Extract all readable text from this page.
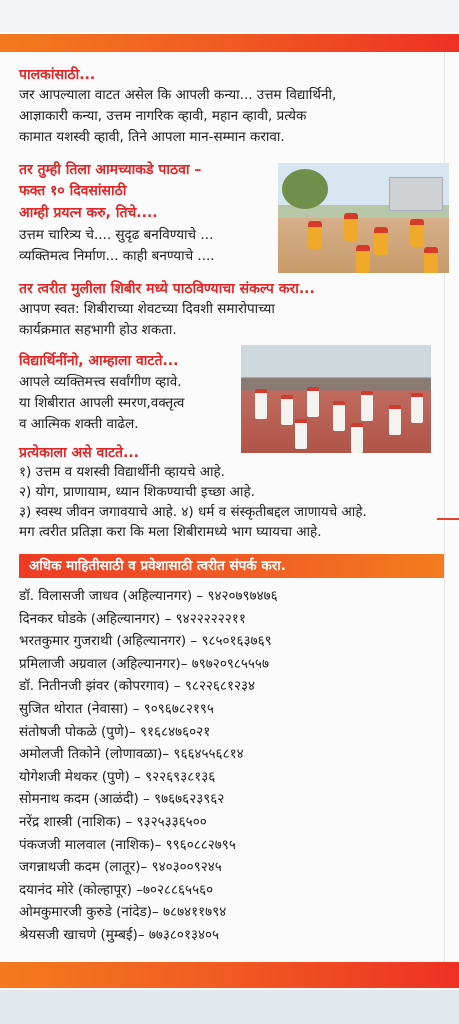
पालकांसाठी...
जर आपल्याला वाटत असेल कि आपली कन्या... उत्तम विद्यार्थिनी,
आज्ञाकारी कन्या, उत्तम नागरिक व्हावी, महान व्हावी, प्रत्येक
कामात यशस्वी व्हावी, तिने आपला मान-सम्मान करावा.
तर तुम्ही तिला आमच्याकडे पाठवा –
फक्त १० दिवसांसाठी
आम्ही प्रयत्न करु, तिचे....
उत्तम चारित्र्य चे.... सुदृढ बनविण्याचे ...
व्यक्तिमत्व निर्माण... काही बनण्याचे ....
तर त्वरीत मुलीला शिबीर मध्ये पाठविण्याचा संकल्प करा...
आपण स्वत: शिबीराच्या शेवटच्या दिवशी समारोपाच्या
कार्यक्रमात सहभागी होउ शकता.
विद्यार्थिनींनो, आम्हाला वाटते...
आपले व्यक्तिमत्त्व सर्वांगीण व्हावे.
या शिबीरात आपली स्मरण,वक्तृत्व
व आत्मिक शक्ती वाढेल.
प्रत्येकाला असे वाटते...
१) उत्तम व यशस्वी विद्यार्थीनी व्हायचे आहे.
२) योग, प्राणायाम, ध्यान शिकण्याची इच्छा आहे.
३) स्वस्थ जीवन जगावयाचे आहे. ४) धर्म व संस्कृतीबद्दल जाणायचे आहे.
मग त्वरीत प्रतिज्ञा करा कि मला शिबीरामध्ये भाग घ्यायचा आहे.
अधिक माहितीसाठी व प्रवेशासाठी त्वरीत संपर्क करा.
डॉ. विलासजी जाधव (अहिल्यानगर) – ९४२०७९७४७६
दिनकर घोडके (अहिल्यानगर) – ९४२२२२२२११
भरतकुमार गुजराथी (अहिल्यानगर) – ९८५०१६३७६९
प्रमिलाजी अग्रवाल (अहिल्यानगर)– ७९७२०९८५५५७
डॉ. नितीनजी झंवर (कोपरगाव) – ९८२२६८१२३४
सुजित थोरात (नेवासा) – ९०९६७८२१९५
संतोषजी पोकळे (पुणे)– ९१६८४७६०२१
अमोलजी तिकोने (लोणावळा)– ९६६४५५६८१४
योगेशजी मेथकर (पुणे) – ९२२६९३८१३६
सोमनाथ कदम (आळंदी) – ९७६७६२३९६२
नरेंद्र शास्त्री (नाशिक) – ९३२५३३६५००
पंकजजी मालवाल (नाशिक)– ९९६०८८२७९५
जगन्नाथजी कदम (लातूर)– ९४०३००९२४५
दयानंद मोरे (कोल्हापूर) –७०२८८६५५६०
ओमकुमारजी कुरुडे (नांदेड)– ७८७४११७९४
श्रेयसजी खाचणे (मुम्बई)– ७७३८०१३४०५
